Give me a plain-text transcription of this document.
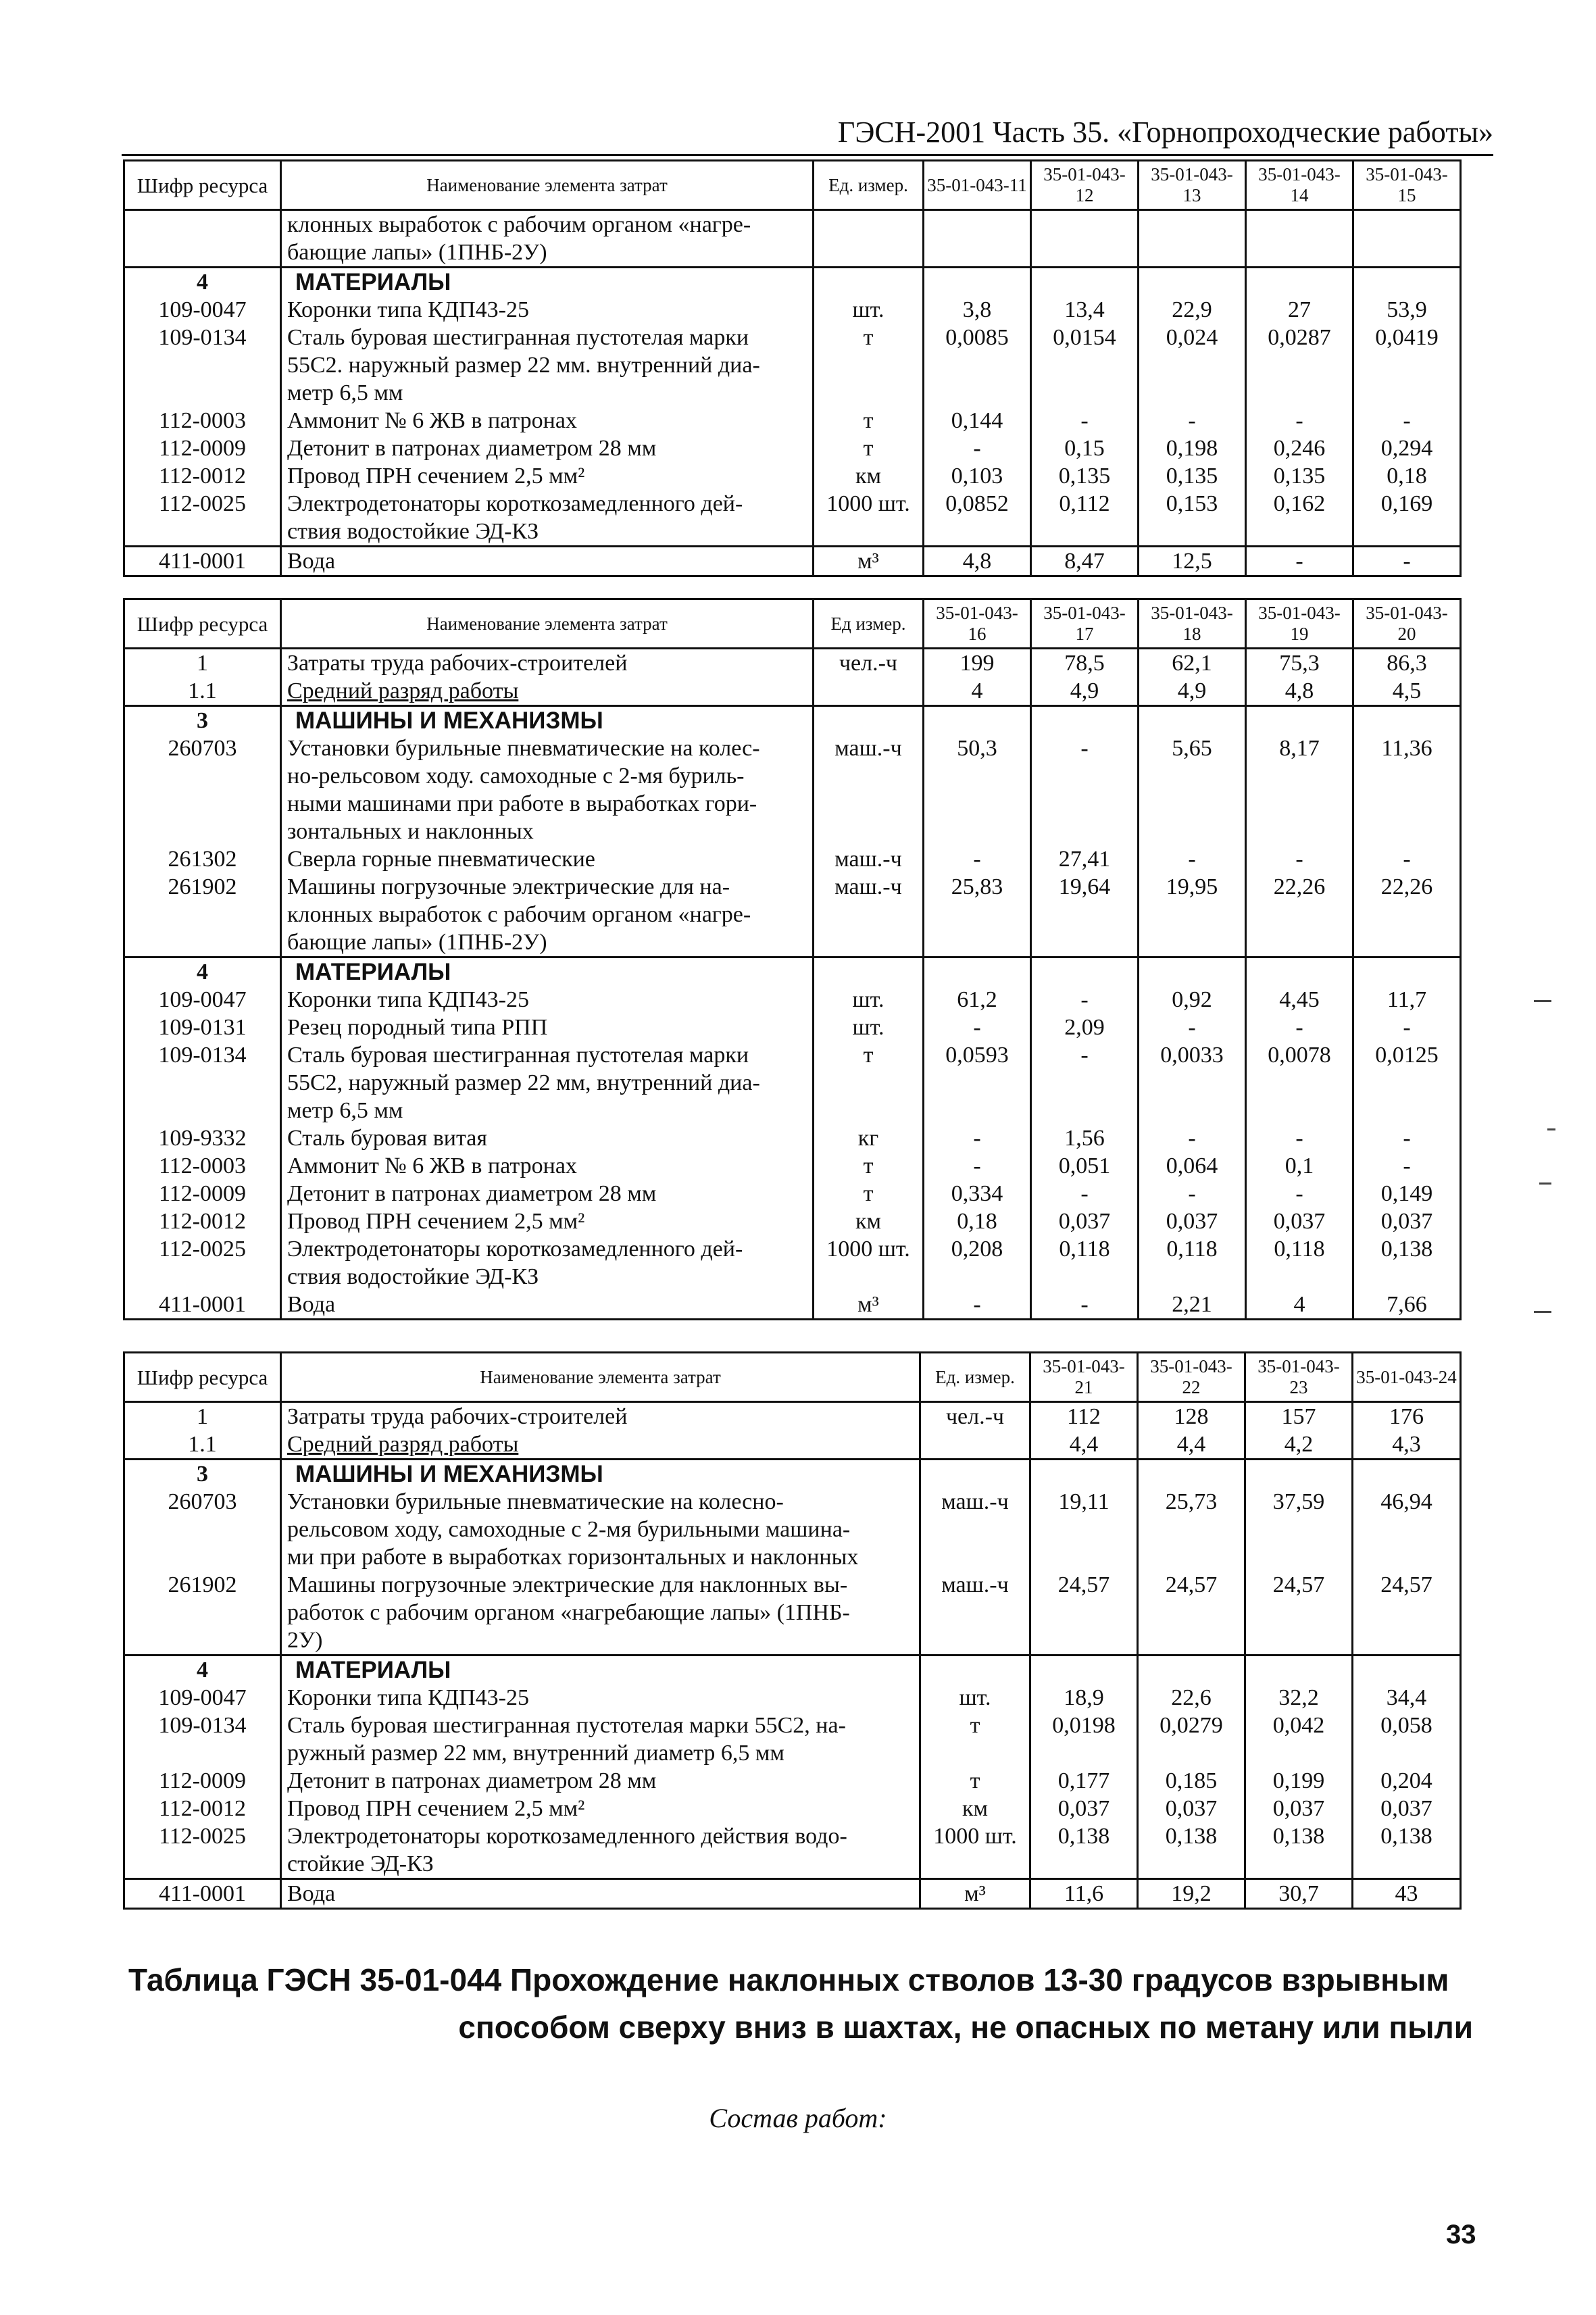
ГЭСН-2001 Часть 35. «Горнопроходческие работы»
Шифр ресурса	Наименование элемента затрат	Ед. измер.	35-01-043-11	35-01-043-12	35-01-043-13	35-01-043-14	35-01-043-15
	клонных выработок с рабочим органом «нагре-						
	бающие лапы» (1ПНБ-2У)						
4	МАТЕРИАЛЫ						
109-0047	Коронки типа КДП43-25	шт.	3,8	13,4	22,9	27	53,9
109-0134	Сталь буровая шестигранная пустотелая марки	т	0,0085	0,0154	0,024	0,0287	0,0419
	55С2. наружный размер 22 мм. внутренний диа-						
	метр 6,5 мм						
112-0003	Аммонит № 6 ЖВ в патронах	т	0,144	-	-	-	-
112-0009	Детонит в патронах диаметром 28 мм	т	-	0,15	0,198	0,246	0,294
112-0012	Провод ПРН сечением 2,5 мм²	км	0,103	0,135	0,135	0,135	0,18
112-0025	Электродетонаторы короткозамедленного дей-	1000 шт.	0,0852	0,112	0,153	0,162	0,169
	ствия водостойкие ЭД-КЗ						
411-0001	Вода	м³	4,8	8,47	12,5	-	-
Шифр ресурса	Наименование элемента затрат	Ед измер.	35-01-043-16	35-01-043-17	35-01-043-18	35-01-043-19	35-01-043-20
1	Затраты труда рабочих-строителей	чел.-ч	199	78,5	62,1	75,3	86,3
1.1	Средний разряд работы		4	4,9	4,9	4,8	4,5
3	МАШИНЫ И МЕХАНИЗМЫ						
260703	Установки бурильные пневматические на колес-	маш.-ч	50,3	-	5,65	8,17	11,36
	но-рельсовом ходу. самоходные с 2-мя буриль-						
	ными машинами при работе в выработках гори-						
	зонтальных и наклонных						
261302	Сверла горные пневматические	маш.-ч	-	27,41	-	-	-
261902	Машины погрузочные электрические для на-	маш.-ч	25,83	19,64	19,95	22,26	22,26
	клонных выработок с рабочим органом «нагре-						
	бающие лапы» (1ПНБ-2У)						
4	МАТЕРИАЛЫ						
109-0047	Коронки типа КДП43-25	шт.	61,2	-	0,92	4,45	11,7
109-0131	Резец породный типа РПП	шт.	-	2,09	-	-	-
109-0134	Сталь буровая шестигранная пустотелая марки	т	0,0593	-	0,0033	0,0078	0,0125
	55С2, наружный размер 22 мм, внутренний диа-						
	метр 6,5 мм						
109-9332	Сталь буровая витая	кг	-	1,56	-	-	-
112-0003	Аммонит № 6 ЖВ в патронах	т	-	0,051	0,064	0,1	-
112-0009	Детонит в патронах диаметром 28 мм	т	0,334	-	-	-	0,149
112-0012	Провод ПРН сечением 2,5 мм²	км	0,18	0,037	0,037	0,037	0,037
112-0025	Электродетонаторы короткозамедленного дей-	1000 шт.	0,208	0,118	0,118	0,118	0,138
	ствия водостойкие ЭД-КЗ						
411-0001	Вода	м³	-	-	2,21	4	7,66
Шифр ресурса	Наименование элемента затрат	Ед. измер.	35-01-043-21	35-01-043-22	35-01-043-23	35-01-043-24
1	Затраты труда рабочих-строителей	чел.-ч	112	128	157	176
1.1	Средний разряд работы		4,4	4,4	4,2	4,3
3	МАШИНЫ И МЕХАНИЗМЫ					
260703	Установки бурильные пневматические на колесно-	маш.-ч	19,11	25,73	37,59	46,94
	рельсовом ходу, самоходные с 2-мя бурильными машина-					
	ми при работе в выработках горизонтальных и наклонных					
261902	Машины погрузочные электрические для наклонных вы-	маш.-ч	24,57	24,57	24,57	24,57
	работок с рабочим органом «нагребающие лапы» (1ПНБ-					
	2У)					
4	МАТЕРИАЛЫ					
109-0047	Коронки типа КДП43-25	шт.	18,9	22,6	32,2	34,4
109-0134	Сталь буровая шестигранная пустотелая марки 55С2, на-	т	0,0198	0,0279	0,042	0,058
	ружный размер 22 мм, внутренний диаметр 6,5 мм					
112-0009	Детонит в патронах диаметром 28 мм	т	0,177	0,185	0,199	0,204
112-0012	Провод ПРН сечением 2,5 мм²	км	0,037	0,037	0,037	0,037
112-0025	Электродетонаторы короткозамедленного действия водо-	1000 шт.	0,138	0,138	0,138	0,138
	стойкие ЭД-КЗ					
411-0001	Вода	м³	11,6	19,2	30,7	43
Таблица ГЭСН 35-01-044 Прохождение наклонных стволов 13-30 градусов взрывным
способом сверху вниз в шахтах, не опасных по метану или пыли
Состав работ:
33
